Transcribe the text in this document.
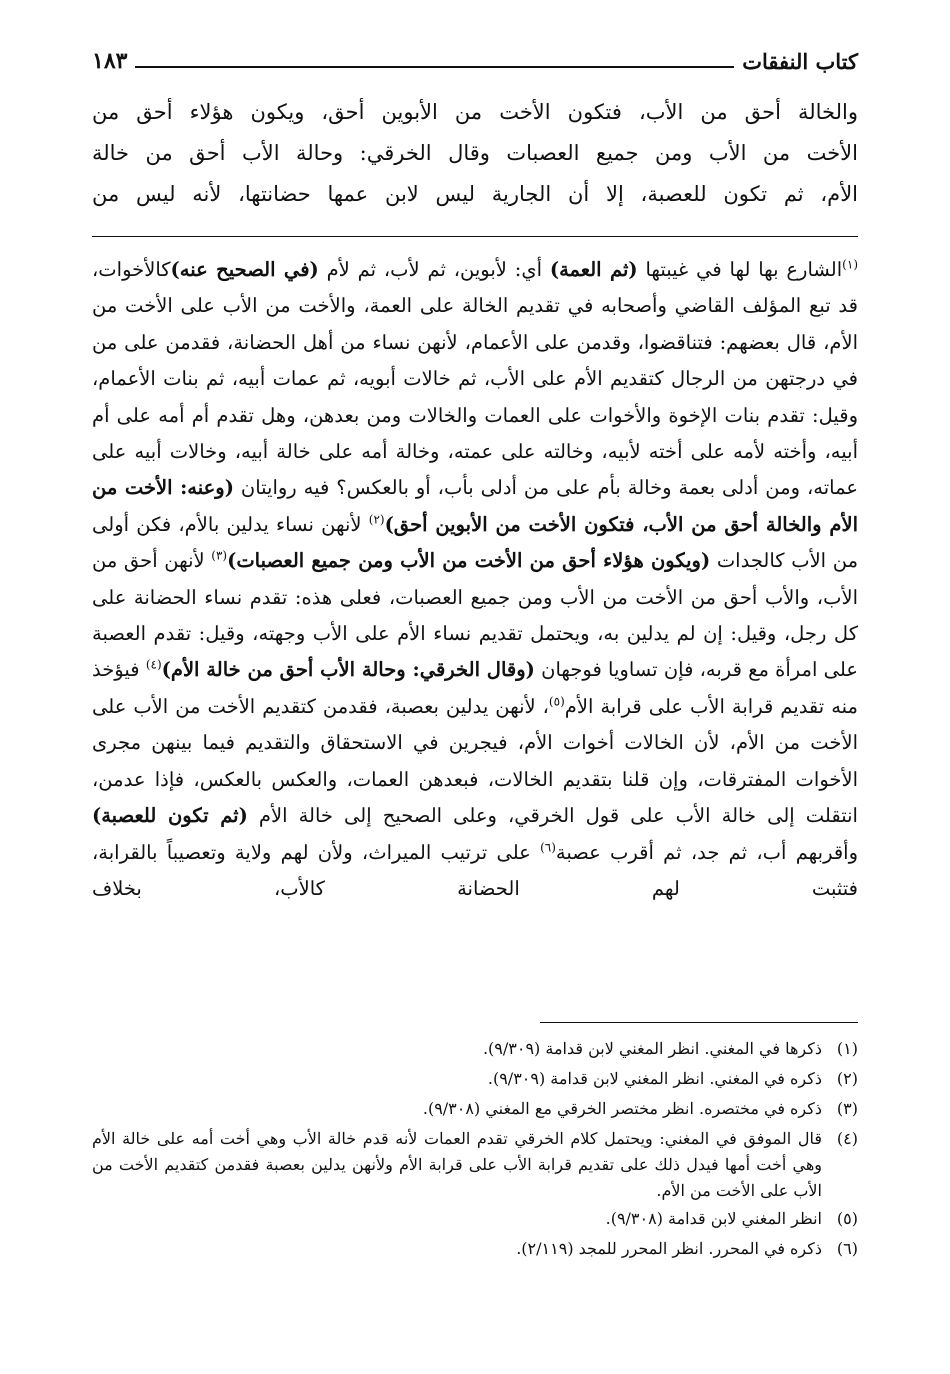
كتاب النفقات
١٨٣

والخالة أحق من الأب، فتكون الأخت من الأبوين أحق، ويكون هؤلاء أحق من

الأخت من الأب ومن جميع العصبات وقال الخرقي: وحالة الأب أحق من خالة

الأم، ثم تكون للعصبة، إلا أن الجارية ليس لابن عمها حضانتها، لأنه ليس من

$^{(١)}$الشارع بها لها في غيبتها (ثم العمة) أي: لأبوين، ثم لأب، ثم لأم (في الصحيح عنه)كالأخوات، قد تبع المؤلف القاضي وأصحابه في تقديم الخالة على العمة، والأخت من الأب على الأخت من الأم، قال بعضهم: فتناقضوا، وقدمن على الأعمام، لأنهن نساء من أهل الحضانة، فقدمن على من في درجتهن من الرجال كتقديم الأم على الأب، ثم خالات أبويه، ثم عمات أبيه، ثم بنات الأعمام، وقيل: تقدم بنات الإخوة والأخوات على العمات والخالات ومن بعدهن، وهل تقدم أم أمه على أم أبيه، وأخته لأمه على أخته لأبيه، وخالته على عمته، وخالة أمه على خالة أبيه، وخالات أبيه على عماته، ومن أدلى بعمة وخالة بأم على من أدلى بأب، أو بالعكس؟ فيه روايتان (وعنه: الأخت من الأم والخالة أحق من الأب، فتكون الأخت من الأبوين أحق)$^{(٢)}$ لأنهن نساء يدلين بالأم، فكن أولى من الأب كالجدات (ويكون هؤلاء أحق من الأخت من الأب ومن جميع العصبات)$^{(٣)}$ لأنهن أحق من الأب، والأب أحق من الأخت من الأب ومن جميع العصبات، فعلى هذه: تقدم نساء الحضانة على كل رجل، وقيل: إن لم يدلين به، ويحتمل تقديم نساء الأم على الأب وجهته، وقيل: تقدم العصبة على امرأة مع قربه، فإن تساويا فوجهان (وقال الخرقي: وحالة الأب أحق من خالة الأم)$^{(٤)}$ فيؤخذ منه تقديم قرابة الأب على قرابة الأم$^{(٥)}$، لأنهن يدلين بعصبة، فقدمن كتقديم الأخت من الأب على الأخت من الأم، لأن الخالات أخوات الأم، فيجرين في الاستحقاق والتقديم فيما بينهن مجرى الأخوات المفترقات، وإن قلنا بتقديم الخالات، فبعدهن العمات، والعكس بالعكس، فإذا عدمن، انتقلت إلى خالة الأب على قول الخرقي، وعلى الصحيح إلى خالة الأم (ثم تكون للعصبة) وأقربهم أب، ثم جد، ثم أقرب عصبة$^{(٦)}$ على ترتيب الميراث، ولأن لهم ولاية وتعصيباً بالقرابة، فتثبت لهم الحضانة كالأب، بخلاف

(١)
ذكرها في المغني. انظر المغني لابن قدامة (٩/٣٠٩).
(٢)
ذكره في المغني. انظر المغني لابن قدامة (٩/٣٠٩).
(٣)
ذكره في مختصره. انظر مختصر الخرقي مع المغني (٩/٣٠٨).
(٤)
قال الموفق في المغني: ويحتمل كلام الخرقي تقدم العمات لأنه قدم خالة الأب وهي أخت أمه على خالة الأم وهي أخت أمها فيدل ذلك على تقديم قرابة الأب على قرابة الأم ولأنهن يدلين بعصبة فقدمن كتقديم الأخت من الأب على الأخت من الأم.
(٥)
انظر المغني لابن قدامة (٩/٣٠٨).
(٦)
ذكره في المحرر. انظر المحرر للمجد (٢/١١٩).
